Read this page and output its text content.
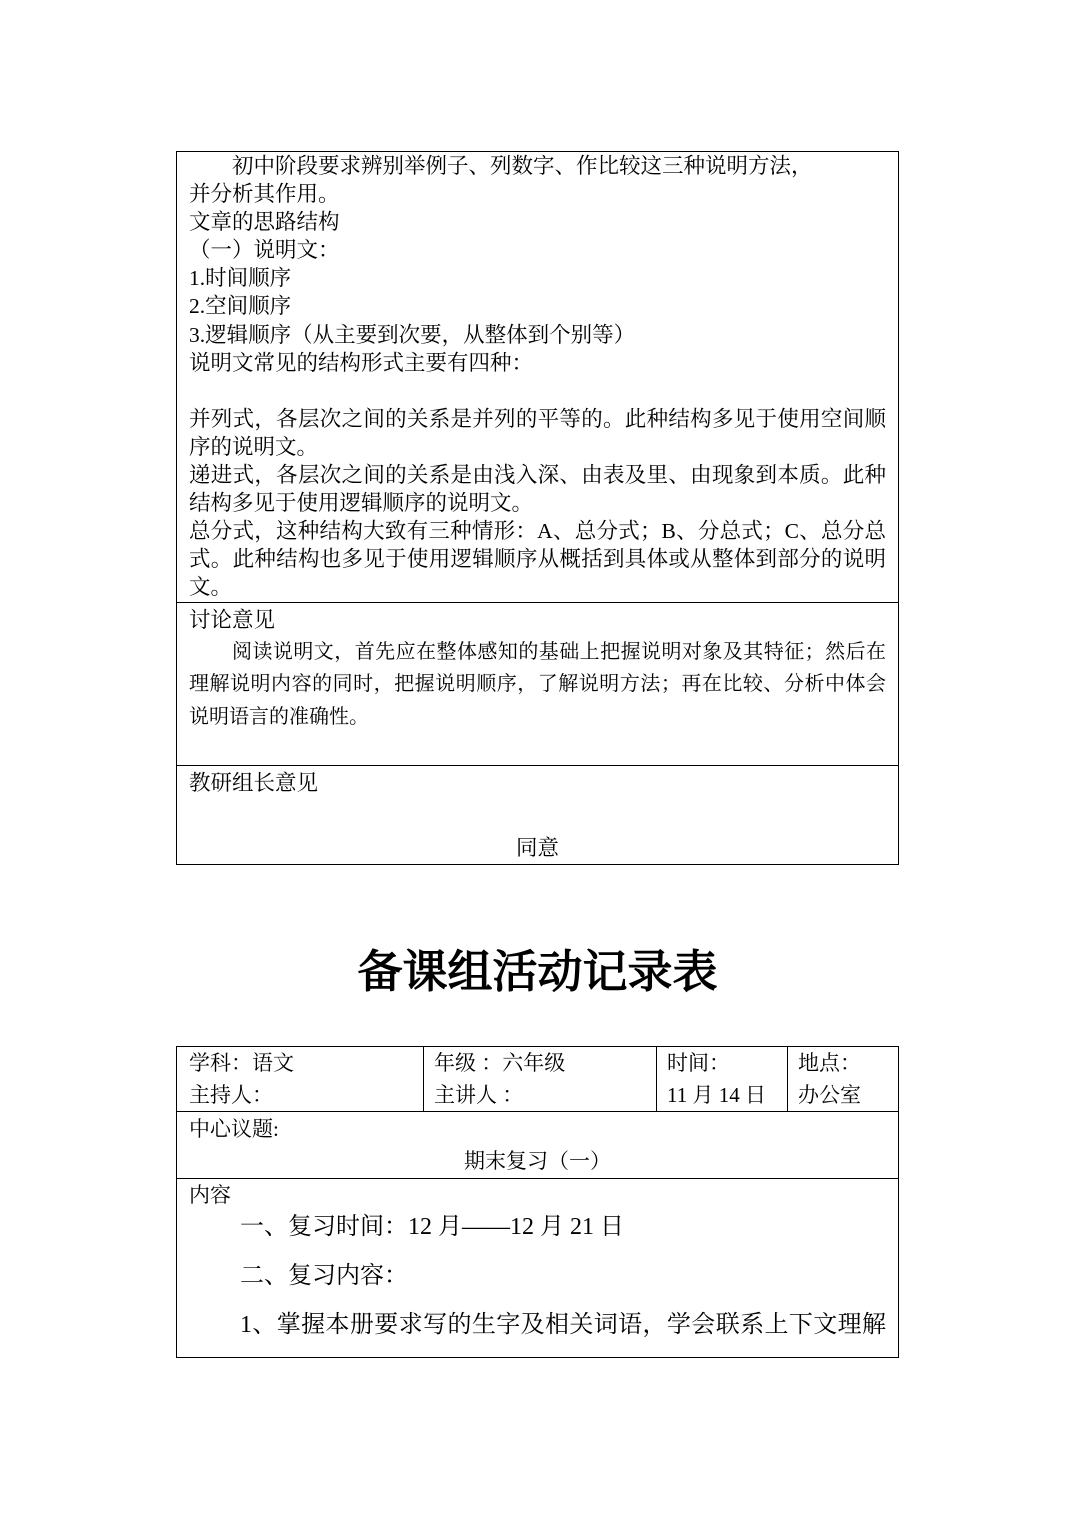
初中阶段要求辨别举例子、列数字、作比较这三种说明方法，
并分析其作用。
文章的思路结构
（一）说明文：
1.时间顺序
2.空间顺序
3.逻辑顺序（从主要到次要，从整体到个别等）
说明文常见的结构形式主要有四种：
并列式，各层次之间的关系是并列的平等的。此种结构多见于使用空间顺
序的说明文。
递进式，各层次之间的关系是由浅入深、由表及里、由现象到本质。此种
结构多见于使用逻辑顺序的说明文。
总分式，这种结构大致有三种情形：A、总分式；B、分总式；C、总分总
式。此种结构也多见于使用逻辑顺序从概括到具体或从整体到部分的说明
文。
讨论意见
阅读说明文，首先应在整体感知的基础上把握说明对象及其特征；然后在
理解说明内容的同时，把握说明顺序，了解说明方法；再在比较、分析中体会
说明语言的准确性。
教研组长意见
同意
备课组活动记录表
学科：语文
主持人：
年级 ：六年级
主讲人 ：
时间：
11 月 14 日
地点：
办公室
中心议题:
期末复习（一）
内容
一、复习时间：12 月——12 月 21 日
二、复习内容：
1、掌握本册要求写的生字及相关词语，学会联系上下文理解
